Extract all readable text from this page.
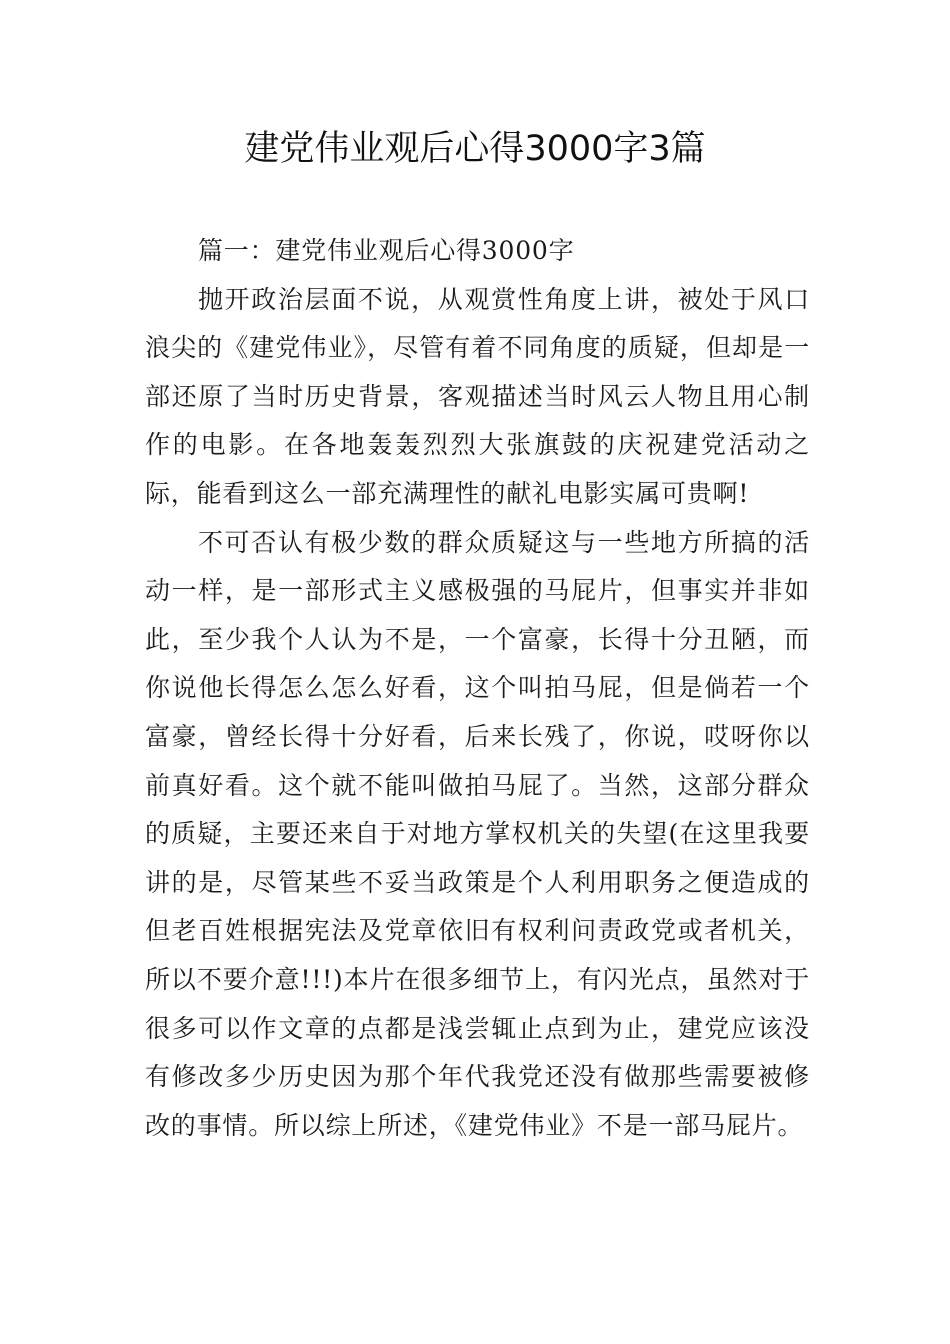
建党伟业观后心得3000字3篇

篇一：建党伟业观后心得3000字

抛开政治层面不说，从观赏性角度上讲，被处于风口浪尖的《建党伟业》，尽管有着不同角度的质疑，但却是一部还原了当时历史背景，客观描述当时风云人物且用心制作的电影。在各地轰轰烈烈大张旗鼓的庆祝建党活动之际，能看到这么一部充满理性的献礼电影实属可贵啊!

不可否认有极少数的群众质疑这与一些地方所搞的活动一样，是一部形式主义感极强的马屁片，但事实并非如此，至少我个人认为不是，一个富豪，长得十分丑陋，而你说他长得怎么怎么好看，这个叫拍马屁，但是倘若一个富豪，曾经长得十分好看，后来长残了，你说，哎呀你以前真好看。这个就不能叫做拍马屁了。当然，这部分群众的质疑，主要还来自于对地方掌权机关的失望(在这里我要讲的是，尽管某些不妥当政策是个人利用职务之便造成的但老百姓根据宪法及党章依旧有权利问责政党或者机关，所以不要介意!!!)本片在很多细节上，有闪光点，虽然对于很多可以作文章的点都是浅尝辄止点到为止，建党应该没有修改多少历史因为那个年代我党还没有做那些需要被修改的事情。所以综上所述，《建党伟业》不是一部马屁片。
